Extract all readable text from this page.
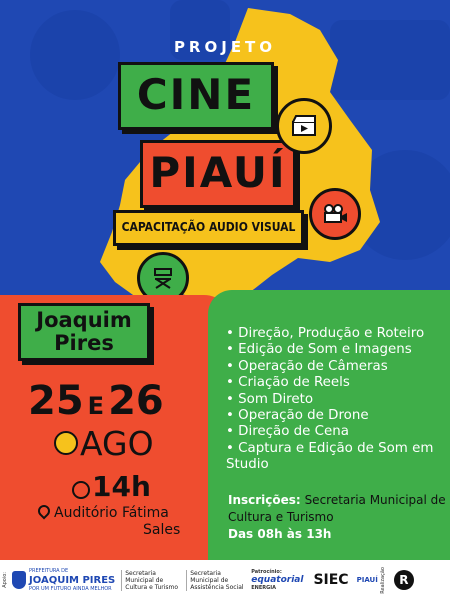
PROJETO
CINE
PIAUÍ
CAPACITAÇÃO AUDIO VISUAL
Joaquim Pires
25 E 26
AGO
14h
Auditório Fátima
Sales
• Direção, Produção e Roteiro
• Edição de Som e Imagens
• Operação de Câmeras
• Criação de Reels
• Som Direto
• Operação de Drone
• Direção de Cena
• Captura e Edição de Som em Studio
Inscrições: Secretaria Municipal de Cultura e Turismo
Das 08h às 13h
Apoio:
PREFEITURA DE
JOAQUIM PIRES
POR UM FUTURO AINDA MELHOR
Secretaria Municipal de Cultura e Turismo
Secretaria Municipal de Assistência Social
Patrocínio:
equatorial
ENERGIA	SIEC PIAUÍ Realização	R
